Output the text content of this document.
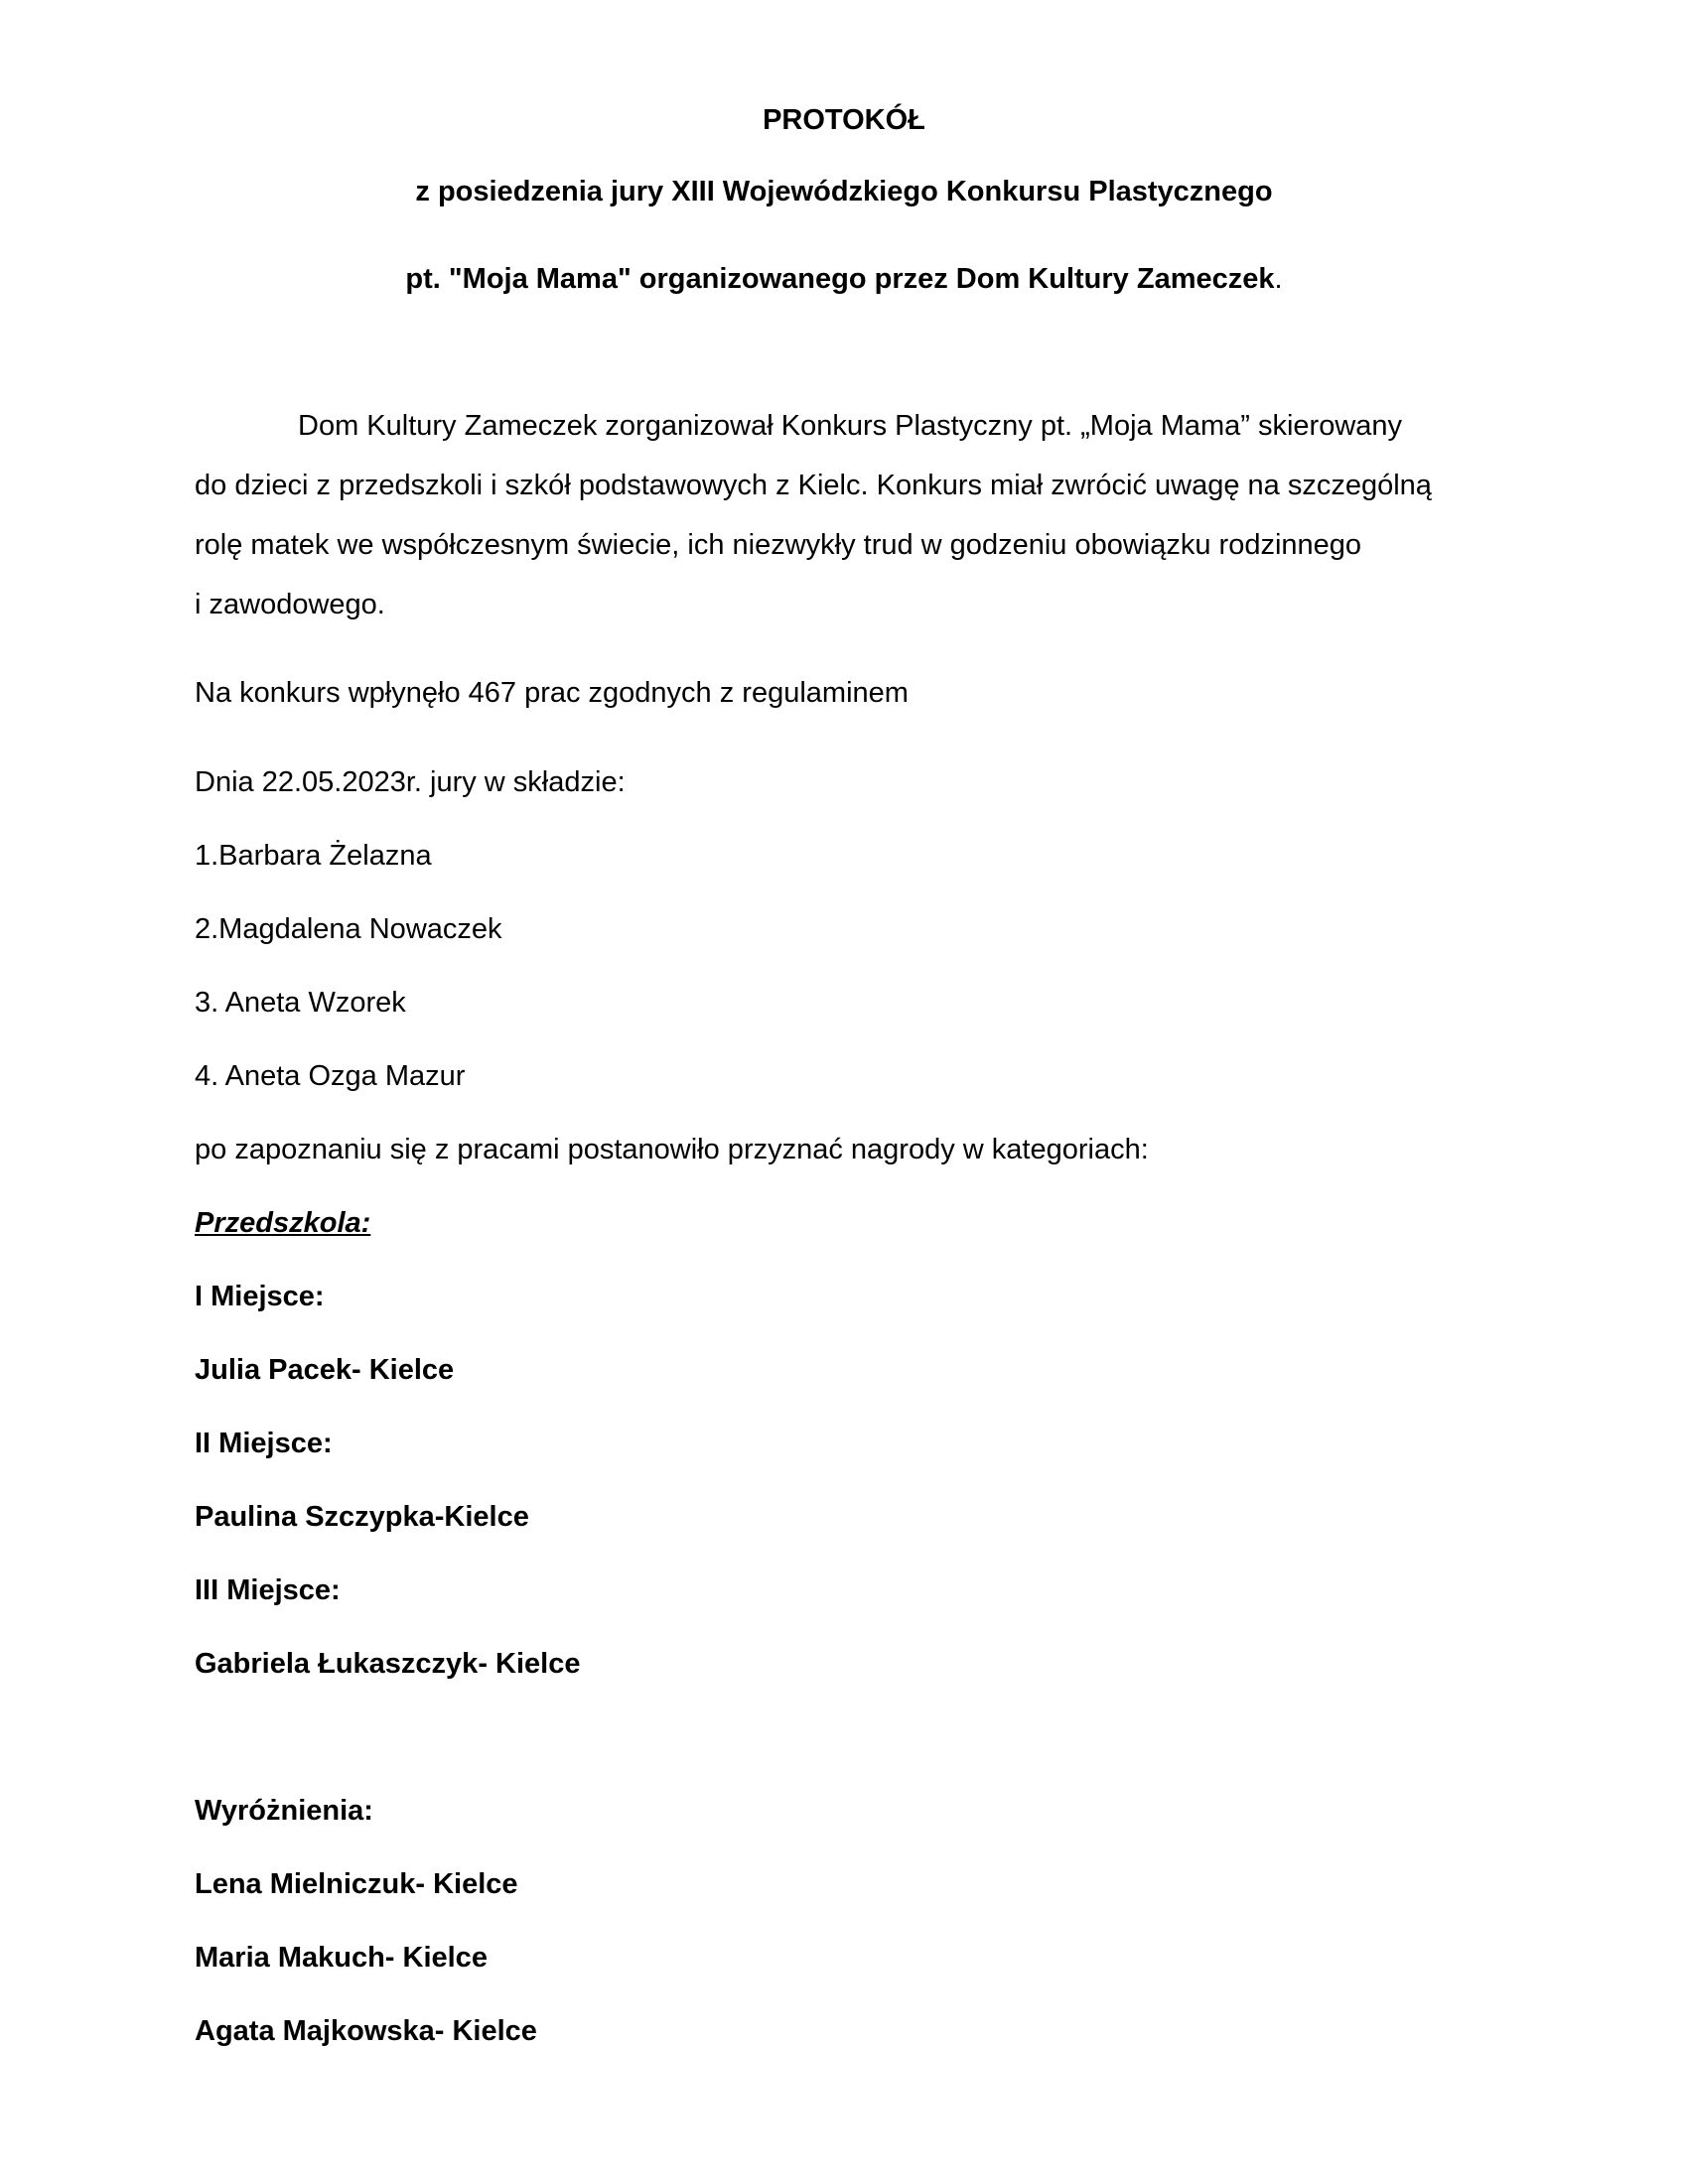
PROTOKÓŁ
z posiedzenia jury XIII Wojewódzkiego Konkursu Plastycznego
pt. "Moja Mama" organizowanego przez Dom Kultury Zameczek.
Dom Kultury Zameczek zorganizował Konkurs Plastyczny pt. „Moja Mama” skierowany
do dzieci z przedszkoli i szkół podstawowych z Kielc. Konkurs miał zwrócić uwagę na szczególną
rolę matek we współczesnym świecie, ich niezwykły trud w godzeniu obowiązku rodzinnego
i zawodowego.
Na konkurs wpłynęło 467 prac zgodnych z regulaminem
Dnia 22.05.2023r. jury w składzie:
1.Barbara Żelazna
2.Magdalena Nowaczek
3. Aneta Wzorek
4. Aneta Ozga Mazur
po zapoznaniu się z pracami postanowiło przyznać nagrody w kategoriach:
Przedszkola:
I Miejsce:
Julia Pacek- Kielce
II Miejsce:
Paulina Szczypka-Kielce
III Miejsce:
Gabriela Łukaszczyk- Kielce
Wyróżnienia:
Lena Mielniczuk- Kielce
Maria Makuch- Kielce
Agata Majkowska- Kielce
